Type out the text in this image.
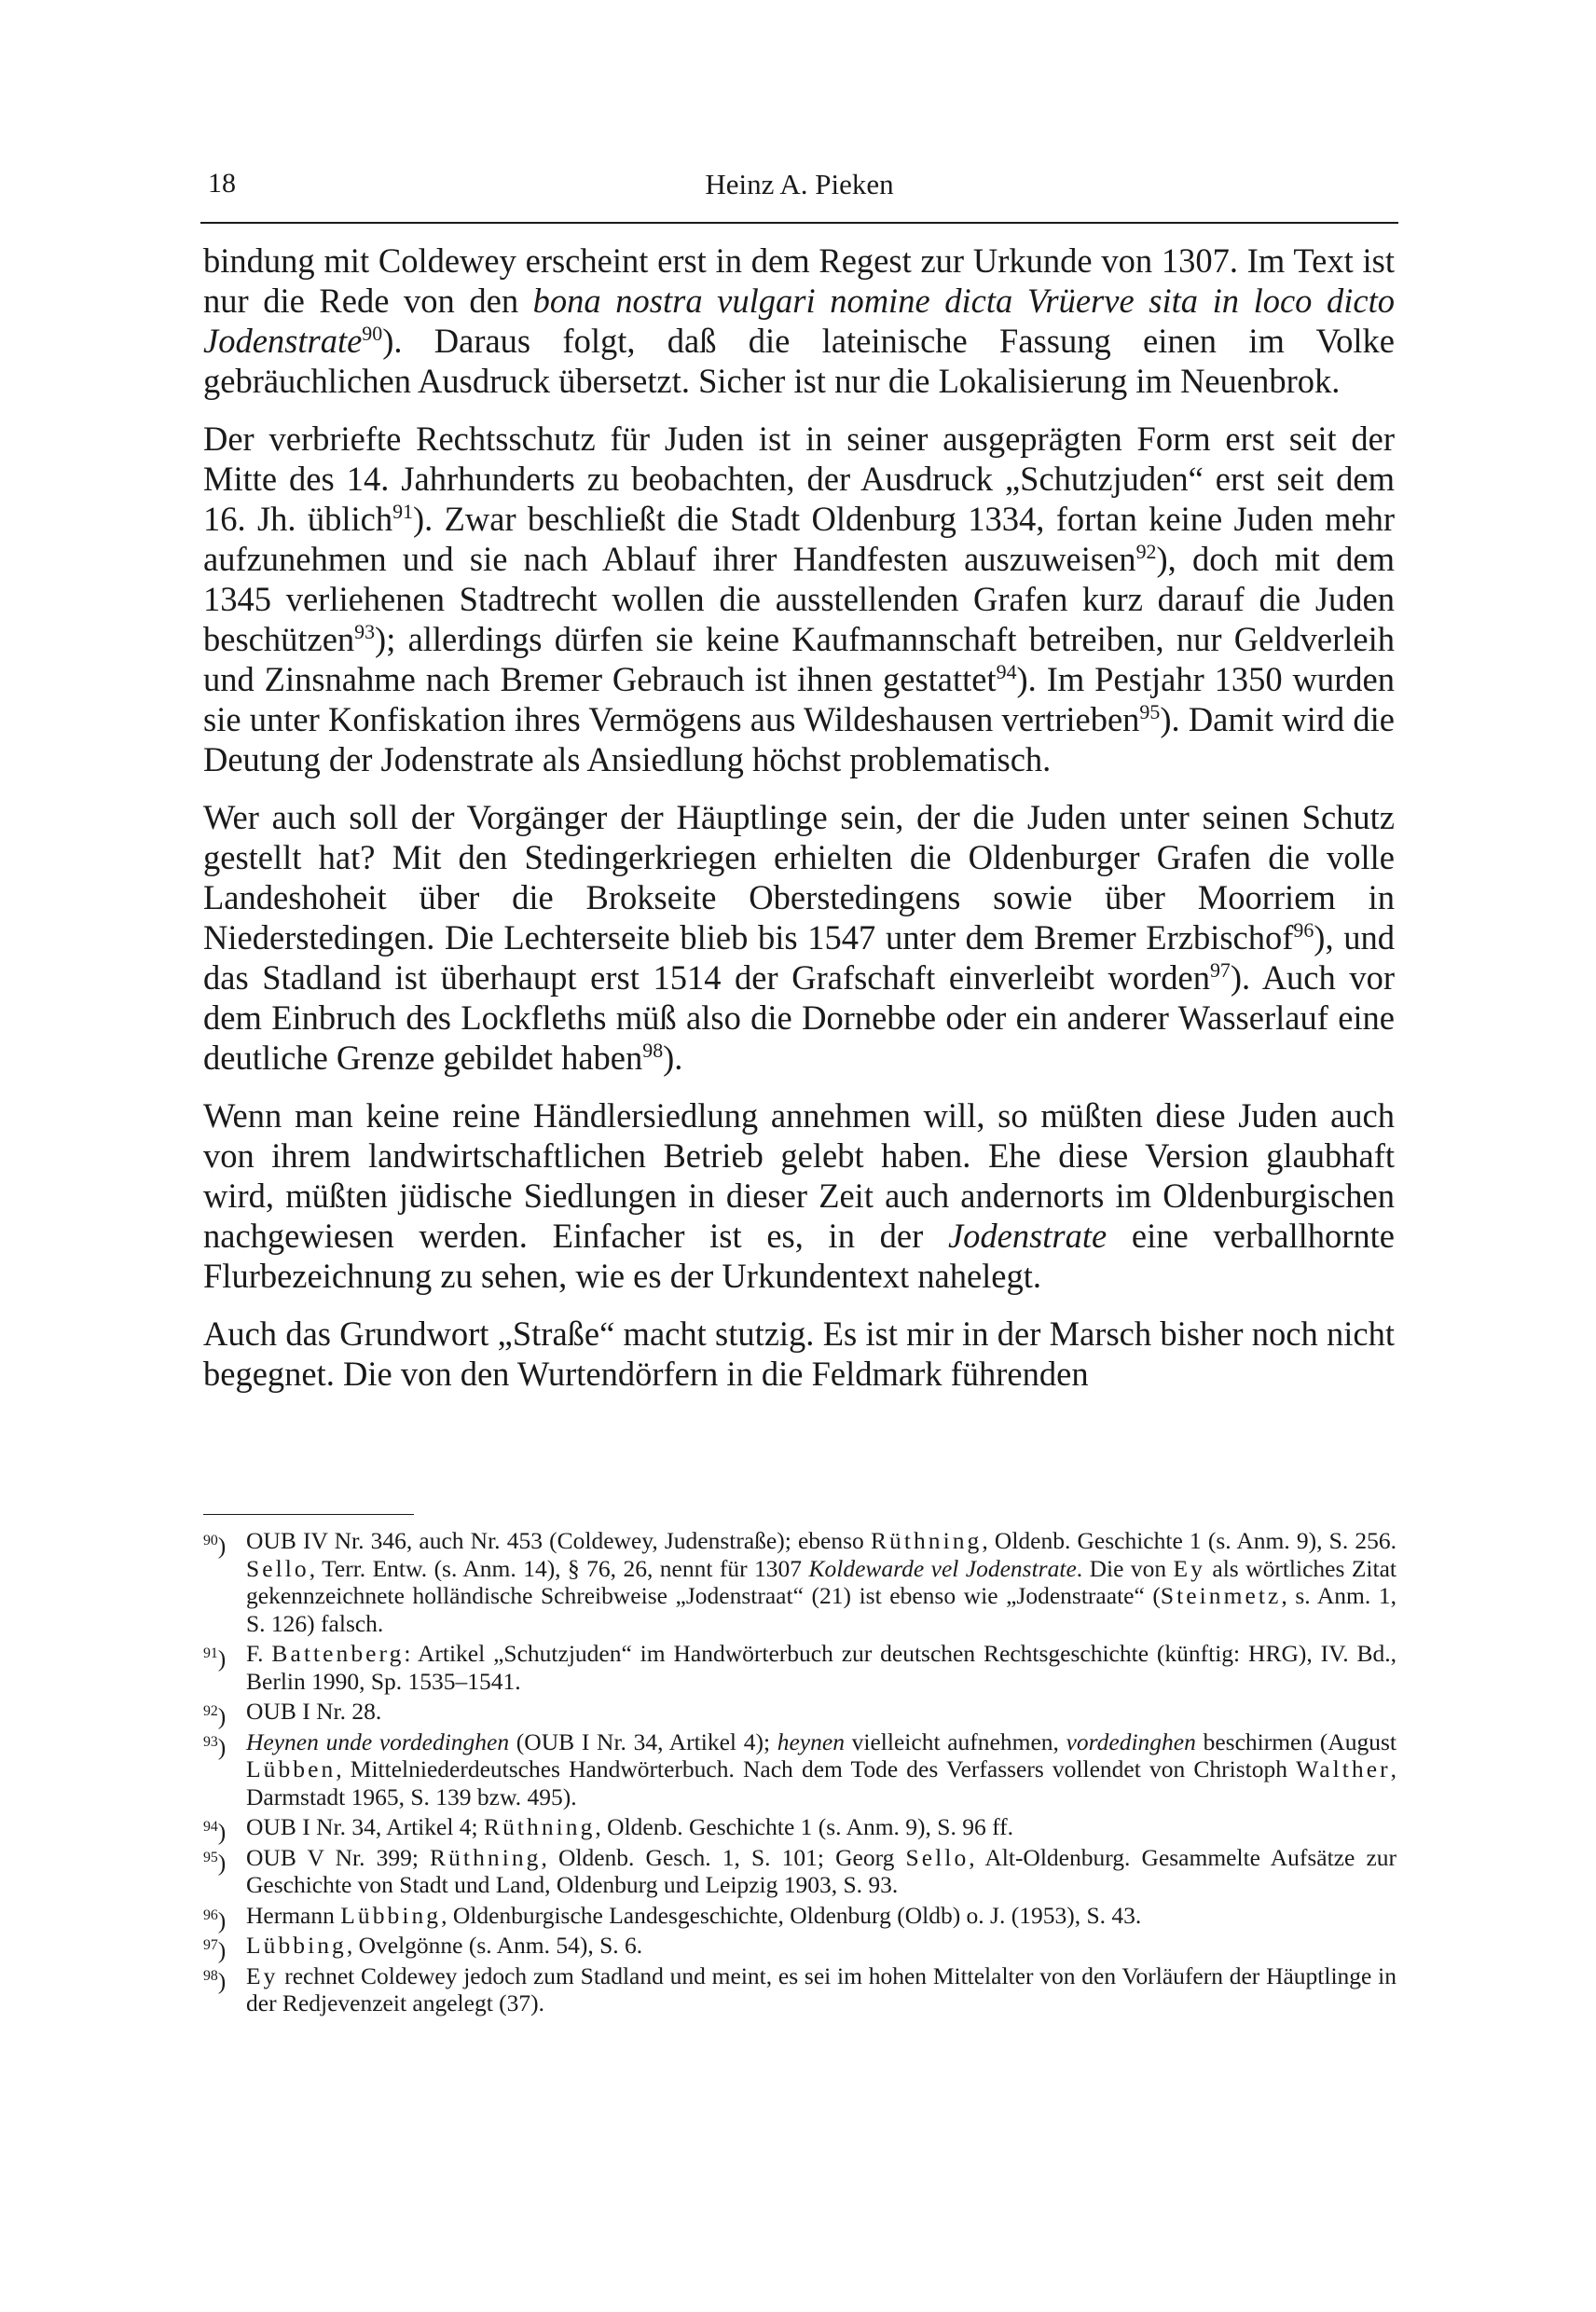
18	Heinz A. Pieken

bindung mit Coldewey erscheint erst in dem Regest zur Urkunde von 1307. Im Text ist nur die Rede von den bona nostra vulgari nomine dicta Vrüerve sita in loco dicto Jodenstrate$^{90}$). Daraus folgt, daß die lateinische Fassung einen im Volke gebräuchlichen Ausdruck übersetzt. Sicher ist nur die Lokalisierung im Neuenbrok.

Der verbriefte Rechtsschutz für Juden ist in seiner ausgeprägten Form erst seit der Mitte des 14. Jahrhunderts zu beobachten, der Ausdruck „Schutzjuden“ erst seit dem 16. Jh. üblich$^{91}$). Zwar beschließt die Stadt Oldenburg 1334, fortan keine Juden mehr aufzunehmen und sie nach Ablauf ihrer Handfesten auszuweisen$^{92}$), doch mit dem 1345 verliehenen Stadtrecht wollen die ausstellenden Grafen kurz darauf die Juden beschützen$^{93}$); allerdings dürfen sie keine Kaufmannschaft betreiben, nur Geldverleih und Zinsnahme nach Bremer Gebrauch ist ihnen gestattet$^{94}$). Im Pestjahr 1350 wurden sie unter Konfiskation ihres Vermögens aus Wildeshausen vertrieben$^{95}$). Damit wird die Deutung der Jodenstrate als Ansiedlung höchst problematisch.

Wer auch soll der Vorgänger der Häuptlinge sein, der die Juden unter seinen Schutz gestellt hat? Mit den Stedingerkriegen erhielten die Oldenburger Grafen die volle Landeshoheit über die Brokseite Oberstedingens sowie über Moorriem in Niederstedingen. Die Lechterseite blieb bis 1547 unter dem Bremer Erzbischof$^{96}$), und das Stadland ist überhaupt erst 1514 der Grafschaft einverleibt worden$^{97}$). Auch vor dem Einbruch des Lockfleths müß also die Dornebbe oder ein anderer Wasserlauf eine deutliche Grenze gebildet haben$^{98}$).

Wenn man keine reine Händlersiedlung annehmen will, so müßten diese Juden auch von ihrem landwirtschaftlichen Betrieb gelebt haben. Ehe diese Version glaubhaft wird, müßten jüdische Siedlungen in dieser Zeit auch andernorts im Oldenburgischen nachgewiesen werden. Einfacher ist es, in der Jodenstrate eine verballhornte Flurbezeichnung zu sehen, wie es der Urkundentext nahelegt.

Auch das Grundwort „Straße“ macht stutzig. Es ist mir in der Marsch bisher noch nicht begegnet. Die von den Wurtendörfern in die Feldmark führenden

$^{90}$) OUB IV Nr. 346, auch Nr. 453 (Coldewey, Judenstraße); ebenso Rüthning, Oldenb. Geschichte 1 (s. Anm. 9), S. 256. Sello, Terr. Entw. (s. Anm. 14), § 76, 26, nennt für 1307 Koldewarde vel Jodenstrate. Die von Ey als wörtliches Zitat gekennzeichnete holländische Schreibweise „Jodenstraat“ (21) ist ebenso wie „Jodenstraate“ (Steinmetz, s. Anm. 1, S. 126) falsch.
$^{91}$) F. Battenberg: Artikel „Schutzjuden“ im Handwörterbuch zur deutschen Rechtsgeschichte (künftig: HRG), IV. Bd., Berlin 1990, Sp. 1535–1541.
$^{92}$) OUB I Nr. 28.
$^{93}$) Heynen unde vordedinghen (OUB I Nr. 34, Artikel 4); heynen vielleicht aufnehmen, vordedinghen beschirmen (August Lübben, Mittelniederdeutsches Handwörterbuch. Nach dem Tode des Verfassers vollendet von Christoph Walther, Darmstadt 1965, S. 139 bzw. 495).
$^{94}$) OUB I Nr. 34, Artikel 4; Rüthning, Oldenb. Geschichte 1 (s. Anm. 9), S. 96 ff.
$^{95}$) OUB V Nr. 399; Rüthning, Oldenb. Gesch. 1, S. 101; Georg Sello, Alt-Oldenburg. Gesammelte Aufsätze zur Geschichte von Stadt und Land, Oldenburg und Leipzig 1903, S. 93.
$^{96}$) Hermann Lübbing, Oldenburgische Landesgeschichte, Oldenburg (Oldb) o. J. (1953), S. 43.
$^{97}$) Lübbing, Ovelgönne (s. Anm. 54), S. 6.
$^{98}$) Ey rechnet Coldewey jedoch zum Stadland und meint, es sei im hohen Mittelalter von den Vorläufern der Häuptlinge in der Redjevenzeit angelegt (37).
